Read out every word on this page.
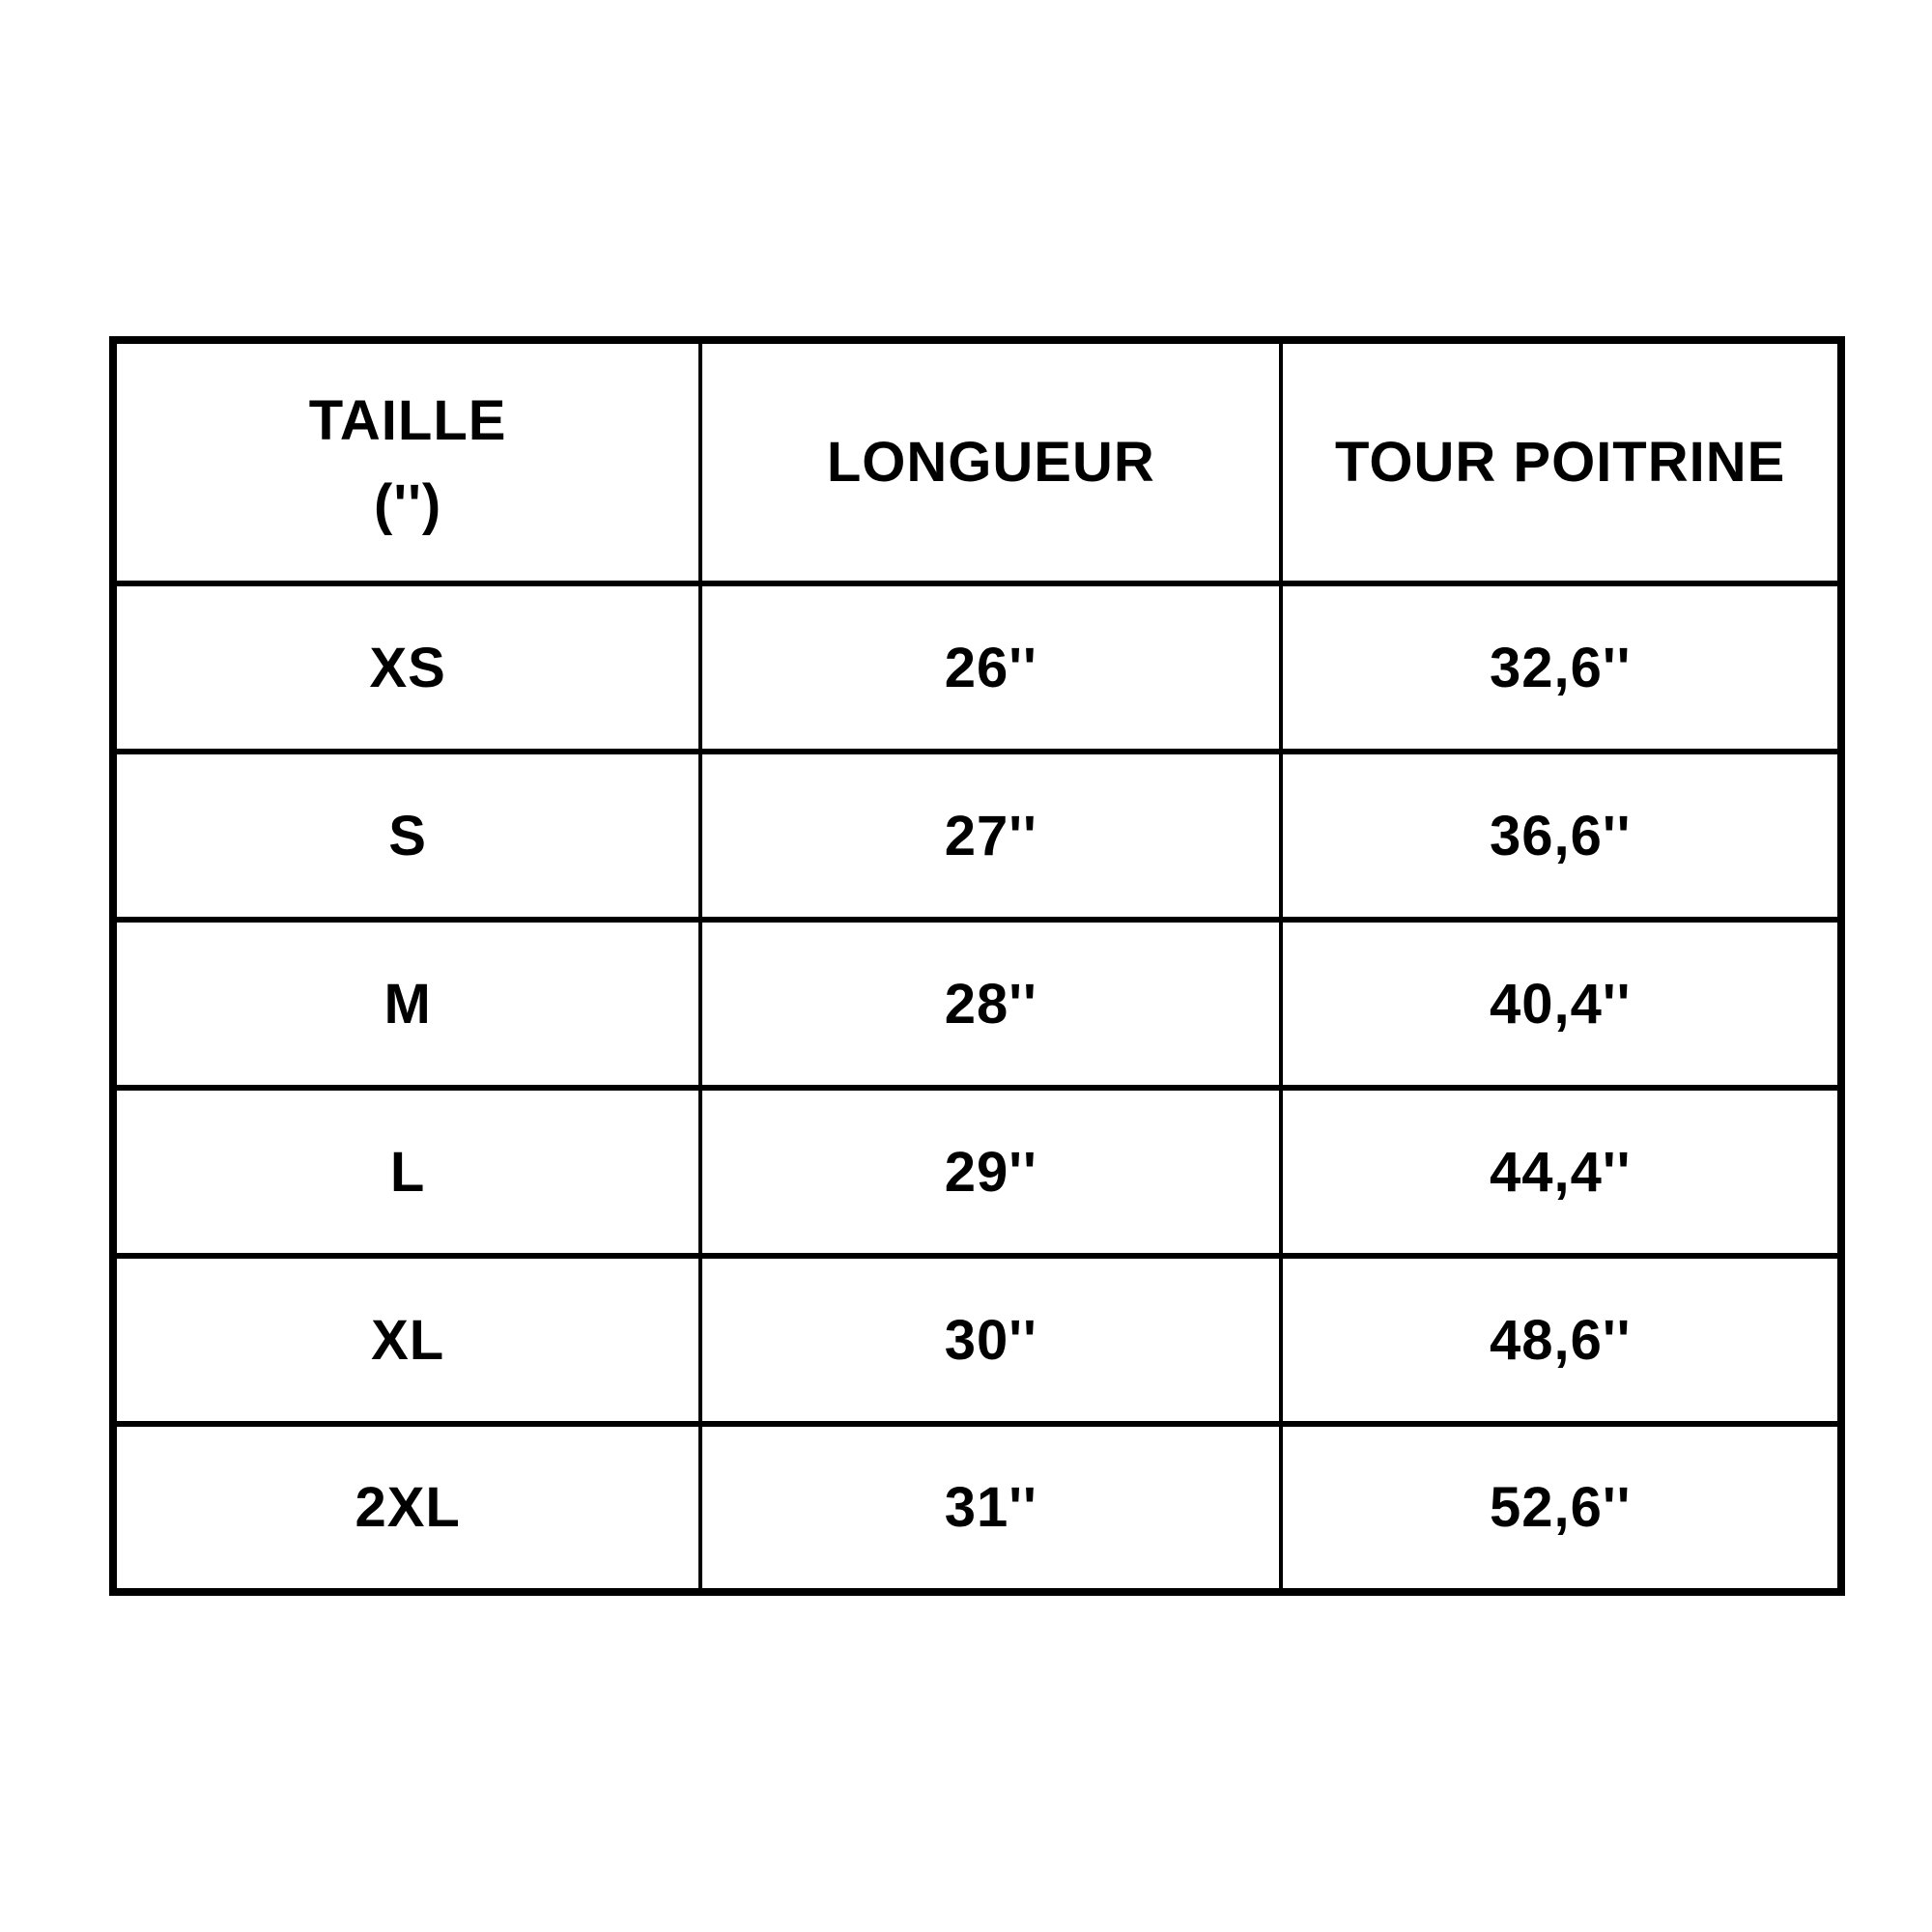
TAILLE
('')	LONGUEUR	TOUR POITRINE

XS	26''	32,6''
S	27''	36,6''
M	28''	40,4''
L	29''	44,4''
XL	30''	48,6''
2XL	31''	52,6''
